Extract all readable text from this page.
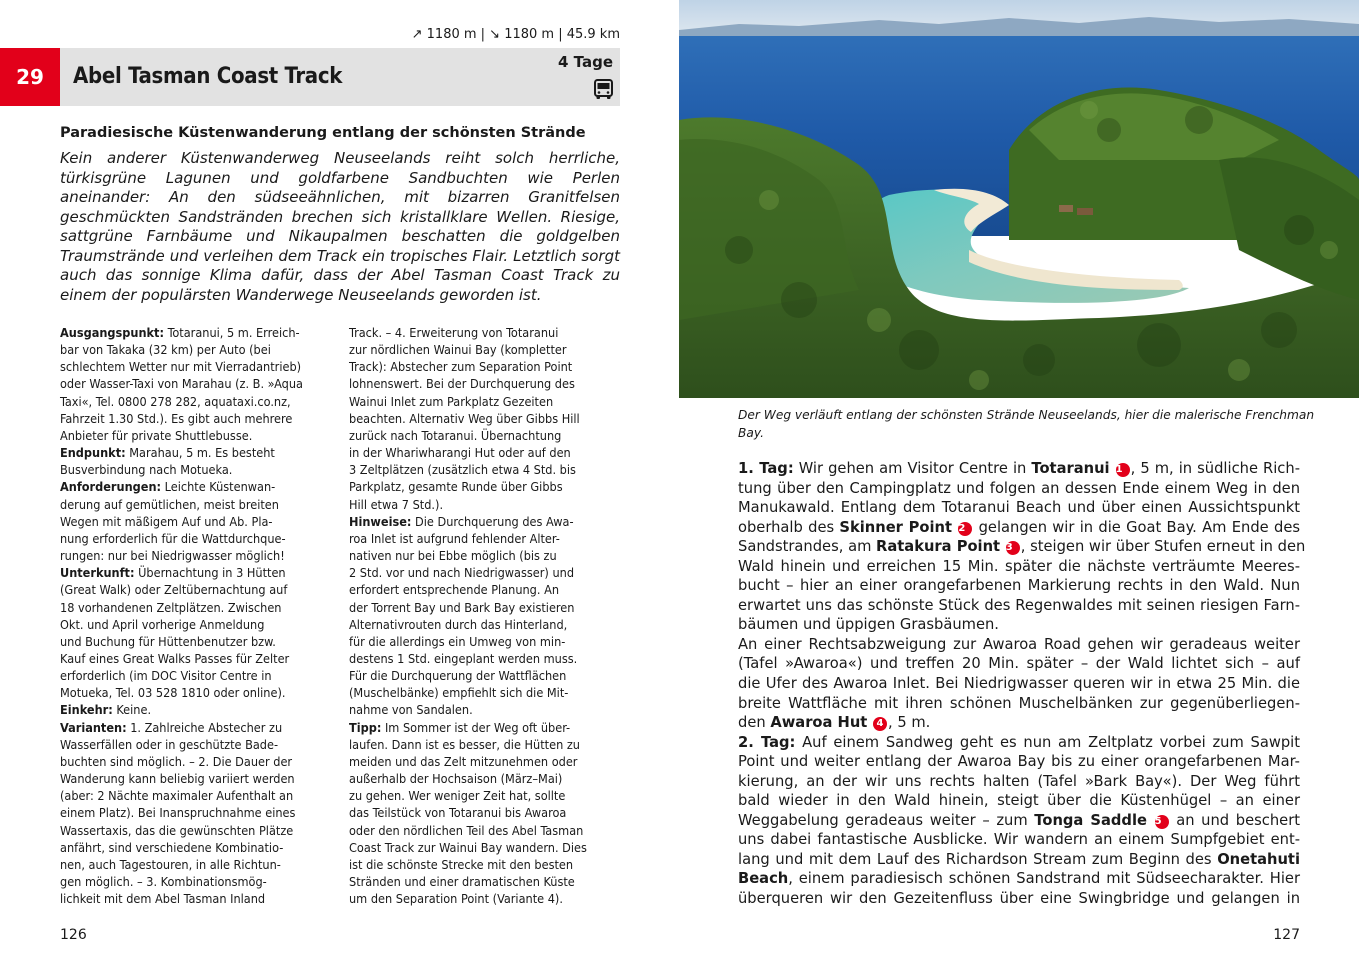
↗ 1180 m | ↘ 1180 m | 45.9 km
29 Abel Tasman Coast Track
4 Tage
Paradiesische Küstenwanderung entlang der schönsten Strände

Kein anderer Küstenwanderweg Neuseelands reiht solch herrliche, türkisgrüne Lagunen und goldfarbene Sandbuchten wie Perlen aneinander: An den südseeähnlichen, mit bizarren Granitfelsen geschmückten Sandstränden brechen sich kristallklare Wellen. Riesige, sattgrüne Farnbäume und Nikaupalmen beschatten die goldgelben Traumstrände und verleihen dem Track ein tropisches Flair. Letztlich sorgt auch das sonnige Klima dafür, dass der Abel Tasman Coast Track zu einem der populärsten Wanderwege Neuseelands geworden ist.

Ausgangspunkt: Totaranui, 5 m. Erreich-
bar von Takaka (32 km) per Auto (bei
schlechtem Wetter nur mit Vierradantrieb)
oder Wasser-Taxi von Marahau (z. B. »Aqua
Taxi«, Tel. 0800 278 282, aquataxi.co.nz,
Fahrzeit 1.30 Std.). Es gibt auch mehrere
Anbieter für private Shuttlebusse.
Endpunkt: Marahau, 5 m. Es besteht
Busverbindung nach Motueka.
Anforderungen: Leichte Küstenwan-
derung auf gemütlichen, meist breiten
Wegen mit mäßigem Auf und Ab. Pla-
nung erforderlich für die Wattdurchque-
rungen: nur bei Niedrigwasser möglich!
Unterkunft: Übernachtung in 3 Hütten
(Great Walk) oder Zeltübernachtung auf
18 vorhandenen Zeltplätzen. Zwischen
Okt. und April vorherige Anmeldung
und Buchung für Hüttenbenutzer bzw.
Kauf eines Great Walks Passes für Zelter
erforderlich (im DOC Visitor Centre in
Motueka, Tel. 03 528 1810 oder online).
Einkehr: Keine.
Varianten: 1. Zahlreiche Abstecher zu
Wasserfällen oder in geschützte Bade-
buchten sind möglich. – 2. Die Dauer der
Wanderung kann beliebig variiert werden
(aber: 2 Nächte maximaler Aufenthalt an
einem Platz). Bei Inanspruchnahme eines
Wassertaxis, das die gewünschten Plätze
anfährt, sind verschiedene Kombinatio-
nen, auch Tagestouren, in alle Richtun-
gen möglich. – 3. Kombinationsmög-
lichkeit mit dem Abel Tasman Inland
Track. – 4. Erweiterung von Totaranui
zur nördlichen Wainui Bay (kompletter
Track): Abstecher zum Separation Point
lohnenswert. Bei der Durchquerung des
Wainui Inlet zum Parkplatz Gezeiten
beachten. Alternativ Weg über Gibbs Hill
zurück nach Totaranui. Übernachtung
in der Whariwharangi Hut oder auf den
3 Zeltplätzen (zusätzlich etwa 4 Std. bis
Parkplatz, gesamte Runde über Gibbs
Hill etwa 7 Std.).
Hinweise: Die Durchquerung des Awa-
roa Inlet ist aufgrund fehlender Alter-
nativen nur bei Ebbe möglich (bis zu
2 Std. vor und nach Niedrigwasser) und
erfordert entsprechende Planung. An
der Torrent Bay und Bark Bay existieren
Alternativrouten durch das Hinterland,
für die allerdings ein Umweg von min-
destens 1 Std. eingeplant werden muss.
Für die Durchquerung der Wattflächen
(Muschelbänke) empfiehlt sich die Mit-
nahme von Sandalen.
Tipp: Im Sommer ist der Weg oft über-
laufen. Dann ist es besser, die Hütten zu
meiden und das Zelt mitzunehmen oder
außerhalb der Hochsaison (März–Mai)
zu gehen. Wer weniger Zeit hat, sollte
das Teilstück von Totaranui bis Awaroa
oder den nördlichen Teil des Abel Tasman
Coast Track zur Wainui Bay wandern. Dies
ist die schönste Strecke mit den besten
Stränden und einer dramatischen Küste
um den Separation Point (Variante 4).
126

Der Weg verläuft entlang der schönsten Strände Neuseelands, hier die malerische Frenchman Bay.

1. Tag: Wir gehen am Visitor Centre in Totaranui 1 , 5 m, in südliche Rich-
tung über den Campingplatz und folgen an dessen Ende einem Weg in den
Manukawald. Entlang dem Totaranui Beach und über einen Aussichtspunkt
oberhalb des Skinner Point 2 gelangen wir in die Goat Bay. Am Ende des
Sandstrandes, am Ratakura Point 3 , steigen wir über Stufen erneut in den
Wald hinein und erreichen 15 Min. später die nächste verträumte Meeres-
bucht – hier an einer orangefarbenen Markierung rechts in den Wald. Nun
erwartet uns das schönste Stück des Regenwaldes mit seinen riesigen Farn-
bäumen und üppigen Grasbäumen.
An einer Rechtsabzweigung zur Awaroa Road gehen wir geradeaus weiter
(Tafel »Awaroa«) und treffen 20 Min. später – der Wald lichtet sich – auf
die Ufer des Awaroa Inlet. Bei Niedrigwasser queren wir in etwa 25 Min. die
breite Wattfläche mit ihren schönen Muschelbänken zur gegenüberliegen-
den Awaroa Hut 4 , 5 m.
2. Tag: Auf einem Sandweg geht es nun am Zeltplatz vorbei zum Sawpit
Point und weiter entlang der Awaroa Bay bis zu einer orangefarbenen Mar-
kierung, an der wir uns rechts halten (Tafel »Bark Bay«). Der Weg führt
bald wieder in den Wald hinein, steigt über die Küstenhügel – an einer
Weggabelung geradeaus weiter – zum Tonga Saddle 5 an und beschert
uns dabei fantastische Ausblicke. Wir wandern an einem Sumpfgebiet ent-
lang und mit dem Lauf des Richardson Stream zum Beginn des Onetahuti
Beach, einem paradiesisch schönen Sandstrand mit Südseecharakter. Hier
überqueren wir den Gezeitenfluss über eine Swingbridge und gelangen in
127
